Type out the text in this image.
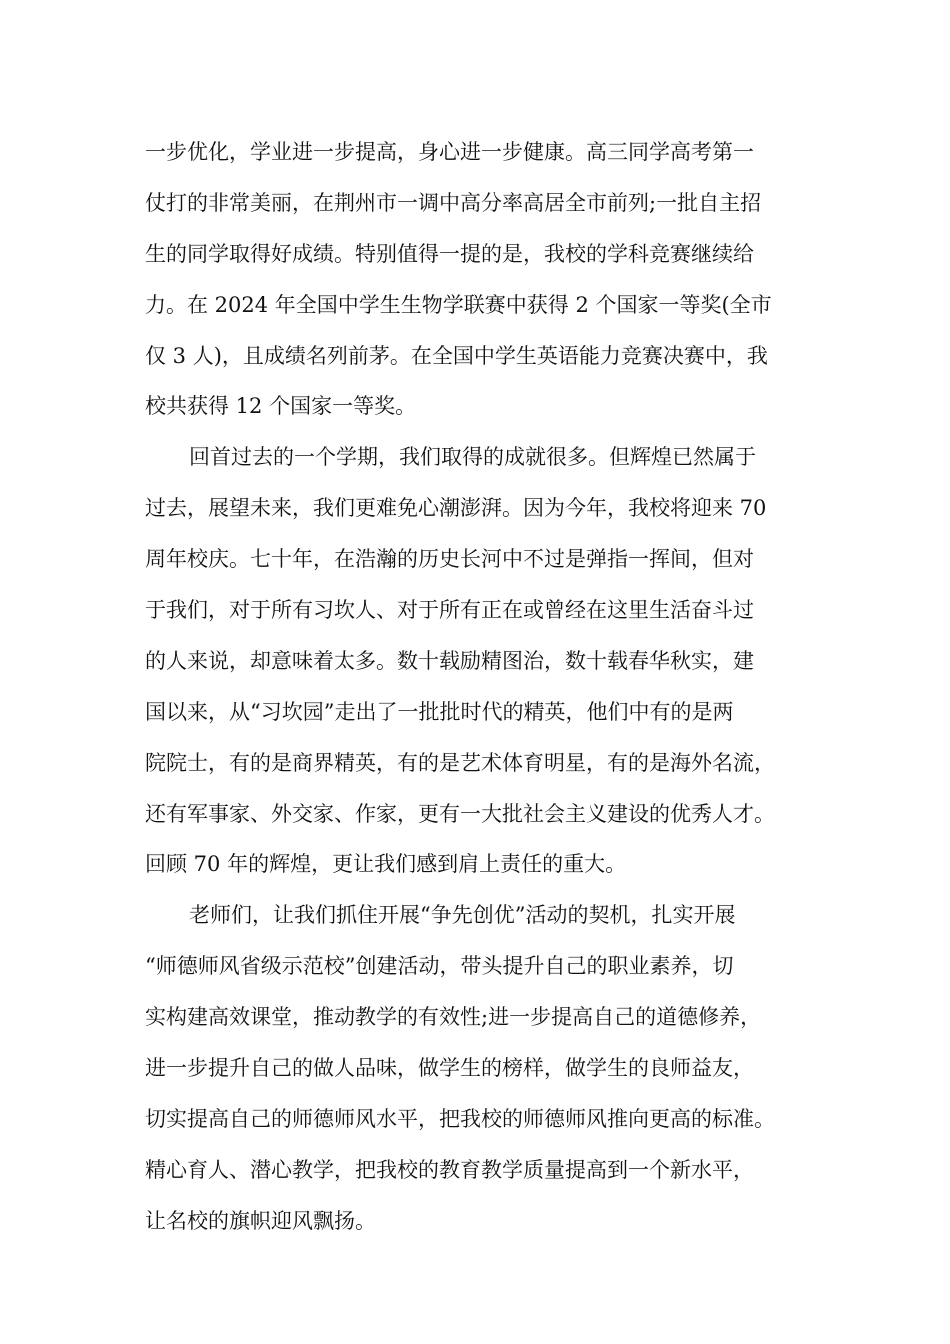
一步优化，学业进一步提高，身心进一步健康。高三同学高考第一
仗打的非常美丽，在荆州市一调中高分率高居全市前列;一批自主招
生的同学取得好成绩。特别值得一提的是，我校的学科竞赛继续给
力。在 2024 年全国中学生生物学联赛中获得 2 个国家一等奖(全市
仅 3 人)，且成绩名列前茅。在全国中学生英语能力竞赛决赛中，我
校共获得 12 个国家一等奖。
回首过去的一个学期，我们取得的成就很多。但辉煌已然属于
过去，展望未来，我们更难免心潮澎湃。因为今年，我校将迎来 70
周年校庆。七十年，在浩瀚的历史长河中不过是弹指一挥间，但对
于我们，对于所有习坎人、对于所有正在或曾经在这里生活奋斗过
的人来说，却意味着太多。数十载励精图治，数十载春华秋实，建
国以来，从“习坎园”走出了一批批时代的精英，他们中有的是两
院院士，有的是商界精英，有的是艺术体育明星，有的是海外名流，
还有军事家、外交家、作家，更有一大批社会主义建设的优秀人才。
回顾 70 年的辉煌，更让我们感到肩上责任的重大。
老师们，让我们抓住开展“争先创优”活动的契机，扎实开展
“师德师风省级示范校”创建活动，带头提升自己的职业素养，切
实构建高效课堂，推动教学的有效性;进一步提高自己的道德修养，
进一步提升自己的做人品味，做学生的榜样，做学生的良师益友，
切实提高自己的师德师风水平，把我校的师德师风推向更高的标准。
精心育人、潜心教学，把我校的教育教学质量提高到一个新水平，
让名校的旗帜迎风飘扬。
